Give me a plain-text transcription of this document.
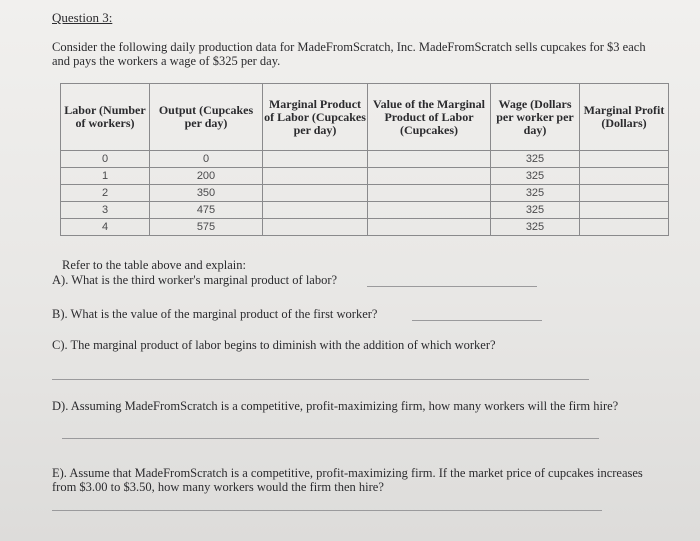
Question 3:
Consider the following daily production data for MadeFromScratch, Inc. MadeFromScratch sells cupcakes for $3 each and pays the workers a wage of $325 per day.
Labor (Number of workers)	Output (Cupcakes per day)	Marginal Product of Labor (Cupcakes per day)	Value of the Marginal Product of Labor (Cupcakes)	Wage (Dollars per worker per day)	Marginal Profit (Dollars)
0	0			325	
1	200			325	
2	350			325	
3	475			325	
4	575			325	
Refer to the table above and explain:
A). What is the third worker's marginal product of labor?
B). What is the value of the marginal product of the first worker?
C). The marginal product of labor begins to diminish with the addition of which worker?
D). Assuming MadeFromScratch is a competitive, profit-maximizing firm, how many workers will the firm hire?
E). Assume that MadeFromScratch is a competitive, profit-maximizing firm. If the market price of cupcakes increases from $3.00 to $3.50, how many workers would the firm then hire?
